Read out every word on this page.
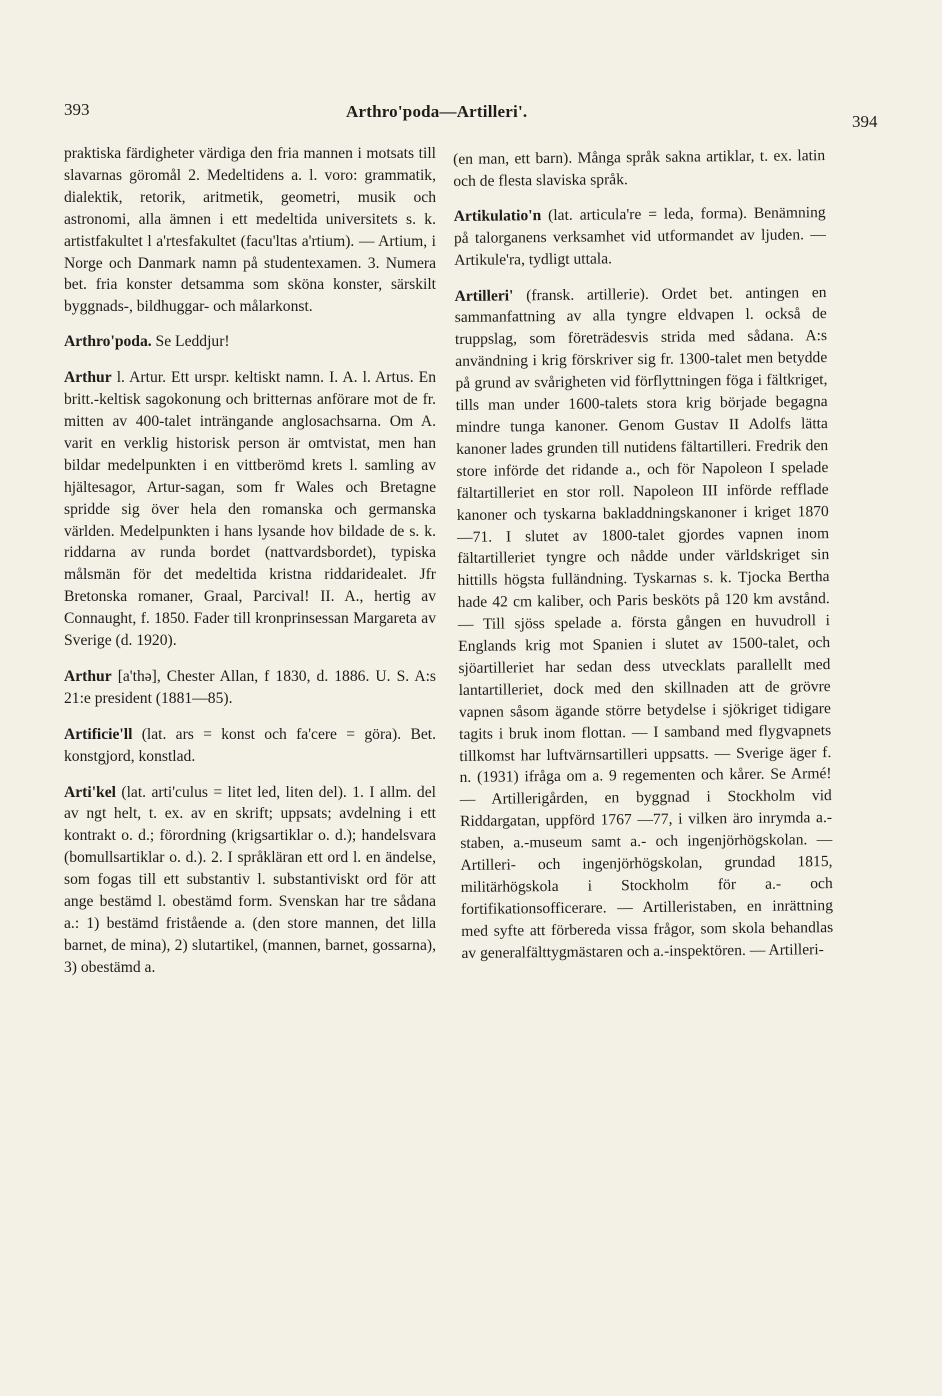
393	Arthro'poda—Artilleri'.
394

praktiska färdigheter värdiga den fria mannen i motsats till slavarnas göromål 2. Medeltidens a. l. voro: grammatik, dialektik, retorik, aritmetik, geometri, musik och astronomi, alla ämnen i ett medeltida universitets s. k. artistfakultet l a'rtesfakultet (facu'ltas a'rtium). — Artium, i Norge och Danmark namn på studentexamen. 3. Numera bet. fria konster detsamma som sköna konster, särskilt byggnads-, bildhuggar- och målarkonst.

Arthro'poda. Se Leddjur!

Arthur l. Artur. Ett urspr. keltiskt namn. I. A. l. Artus. En britt.-keltisk sagokonung och britternas anförare mot de fr. mitten av 400-talet inträngande anglosachsarna. Om A. varit en verklig historisk person är omtvistat, men han bildar medelpunkten i en vittberömd krets l. samling av hjältesagor, Artur-sagan, som fr Wales och Bretagne spridde sig över hela den romanska och germanska världen. Medelpunkten i hans lysande hov bildade de s. k. riddarna av runda bordet (nattvardsbordet), typiska målsmän för det medeltida kristna riddaridealet. Jfr Bretonska romaner, Graal, Parcival! II. A., hertig av Connaught, f. 1850. Fader till kronprinsessan Margareta av Sverige (d. 1920).

Arthur [a'thə], Chester Allan, f 1830, d. 1886. U. S. A:s 21:e president (1881—85).

Artificie'll (lat. ars = konst och fa'cere = göra). Bet. konstgjord, konstlad.

Arti'kel (lat. arti'culus = litet led, liten del). 1. I allm. del av ngt helt, t. ex. av en skrift; uppsats; avdelning i ett kontrakt o. d.; förordning (krigsartiklar o. d.); handelsvara (bomullsartiklar o. d.). 2. I språkläran ett ord l. en ändelse, som fogas till ett substantiv l. substantiviskt ord för att ange bestämd l. obestämd form. Svenskan har tre sådana a.: 1) bestämd fristående a. (den store mannen, det lilla barnet, de mina), 2) slutartikel, (mannen, barnet, gossarna), 3) obestämd a.

(en man, ett barn). Många språk sakna artiklar, t. ex. latin och de flesta slaviska språk.

Artikulatio'n (lat. articula're = leda, forma). Benämning på talorganens verksamhet vid utformandet av ljuden. — Artikule'ra, tydligt uttala.

Artilleri' (fransk. artillerie). Ordet bet. antingen en sammanfattning av alla tyngre eldvapen l. också de truppslag, som företrädesvis strida med sådana. A:s användning i krig förskriver sig fr. 1300-talet men betydde på grund av svårigheten vid förflyttningen föga i fältkriget, tills man under 1600-talets stora krig började begagna mindre tunga kanoner. Genom Gustav II Adolfs lätta kanoner lades grunden till nutidens fältartilleri. Fredrik den store införde det ridande a., och för Napoleon I spelade fältartilleriet en stor roll. Napoleon III införde refflade kanoner och tyskarna bakladdningskanoner i kriget 1870 —71. I slutet av 1800-talet gjordes vapnen inom fältartilleriet tyngre och nådde under världskriget sin hittills högsta fulländning. Tyskarnas s. k. Tjocka Bertha hade 42 cm kaliber, och Paris besköts på 120 km avstånd. — Till sjöss spelade a. första gången en huvudroll i Englands krig mot Spanien i slutet av 1500-talet, och sjöartilleriet har sedan dess utvecklats parallellt med lantartilleriet, dock med den skillnaden att de grövre vapnen såsom ägande större betydelse i sjökriget tidigare tagits i bruk inom flottan. — I samband med flygvapnets tillkomst har luftvärnsartilleri uppsatts. — Sverige äger f. n. (1931) ifråga om a. 9 regementen och kårer. Se Armé! — Artillerigården, en byggnad i Stockholm vid Riddargatan, uppförd 1767 —77, i vilken äro inrymda a.-staben, a.-museum samt a.- och ingenjörhögskolan. — Artilleri- och ingenjörhögskolan, grundad 1815, militärhögskola i Stockholm för a.- och fortifikationsofficerare. — Artilleristaben, en inrättning med syfte att förbereda vissa frågor, som skola behandlas av generalfälttygmästaren och a.-inspektören. — Artilleri-
